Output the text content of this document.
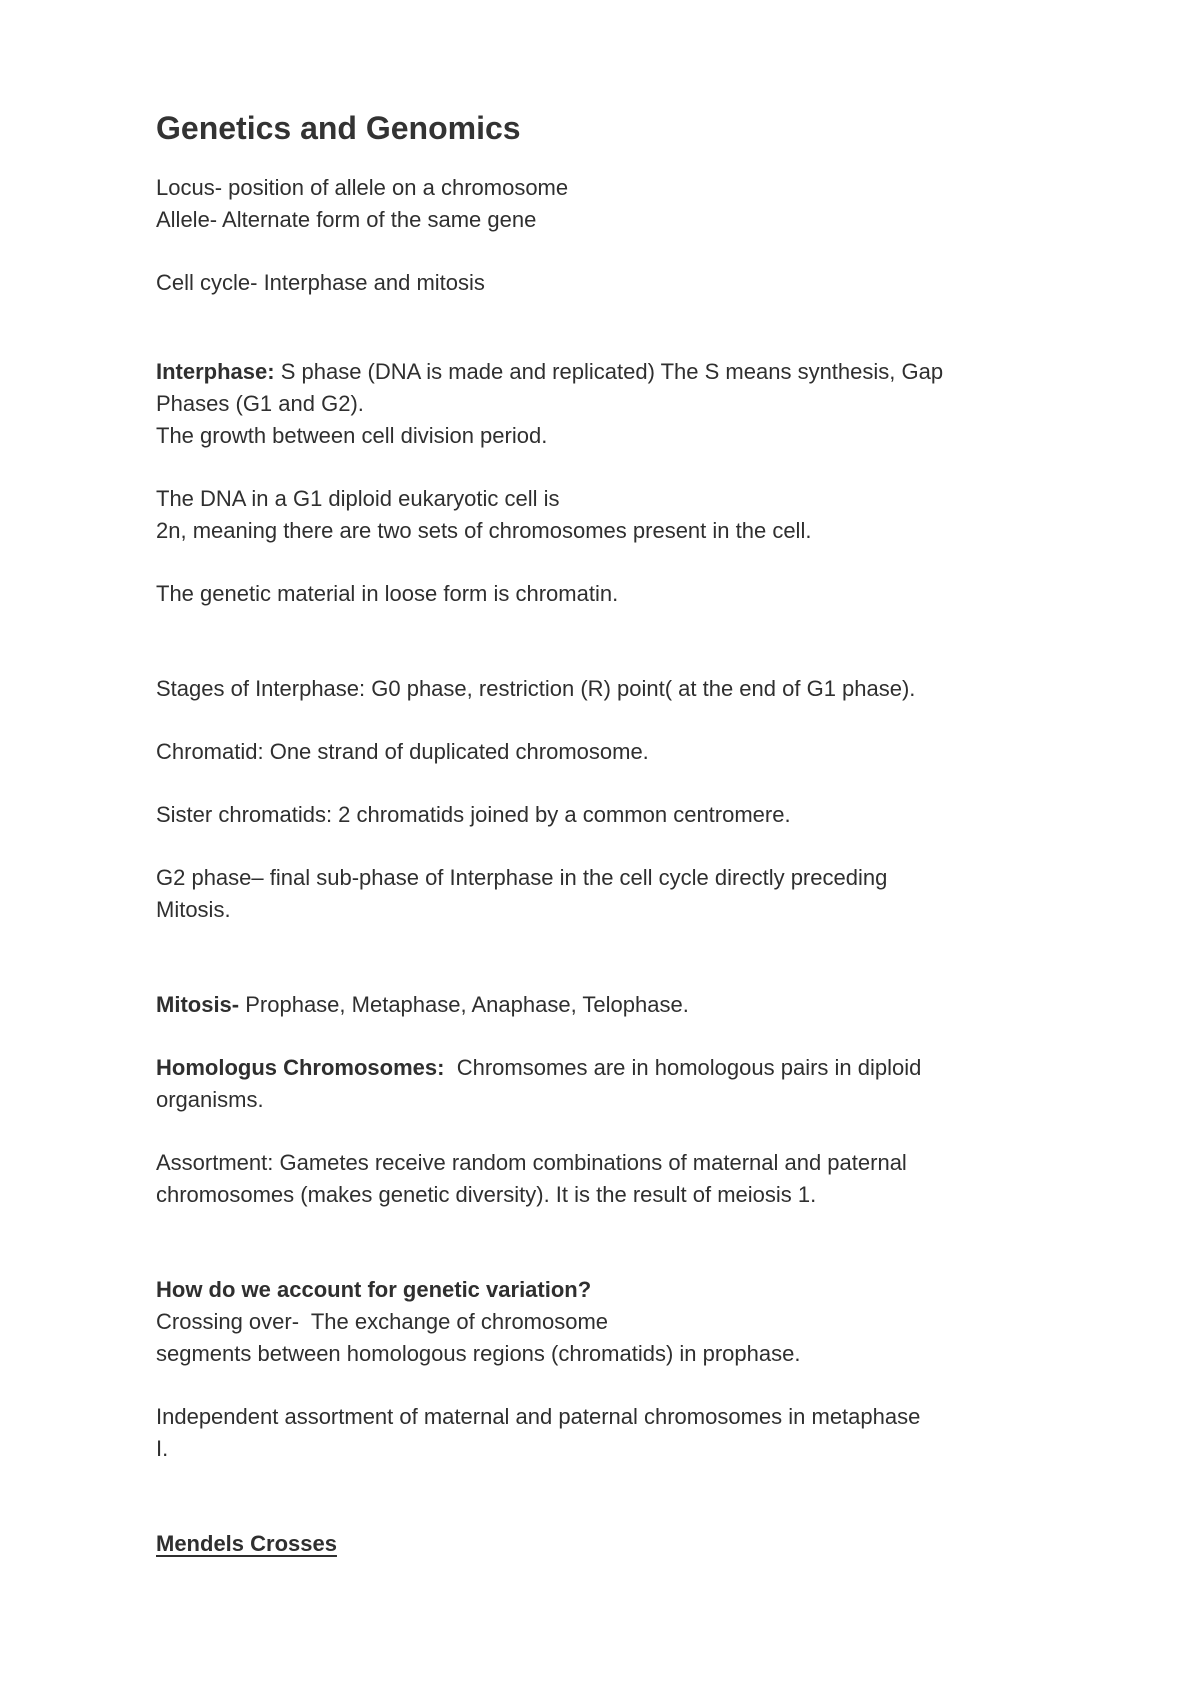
Genetics and Genomics

Locus- position of allele on a chromosome

Allele- Alternate form of the same gene

Cell cycle- Interphase and mitosis

Interphase: S phase (DNA is made and replicated) The S means synthesis, Gap

Phases (G1 and G2).

The growth between cell division period.

The DNA in a G1 diploid eukaryotic cell is

2n, meaning there are two sets of chromosomes present in the cell.

The genetic material in loose form is chromatin.

Stages of Interphase: G0 phase, restriction (R) point( at the end of G1 phase).

Chromatid: One strand of duplicated chromosome.

Sister chromatids: 2 chromatids joined by a common centromere.

G2 phase– final sub-phase of Interphase in the cell cycle directly preceding

Mitosis.

Mitosis- Prophase, Metaphase, Anaphase, Telophase.

Homologus Chromosomes:  Chromsomes are in homologous pairs in diploid

organisms.

Assortment: Gametes receive random combinations of maternal and paternal

chromosomes (makes genetic diversity). It is the result of meiosis 1.

How do we account for genetic variation?

Crossing over-  The exchange of chromosome

segments between homologous regions (chromatids) in prophase.

Independent assortment of maternal and paternal chromosomes in metaphase

I.

Mendels Crosses
